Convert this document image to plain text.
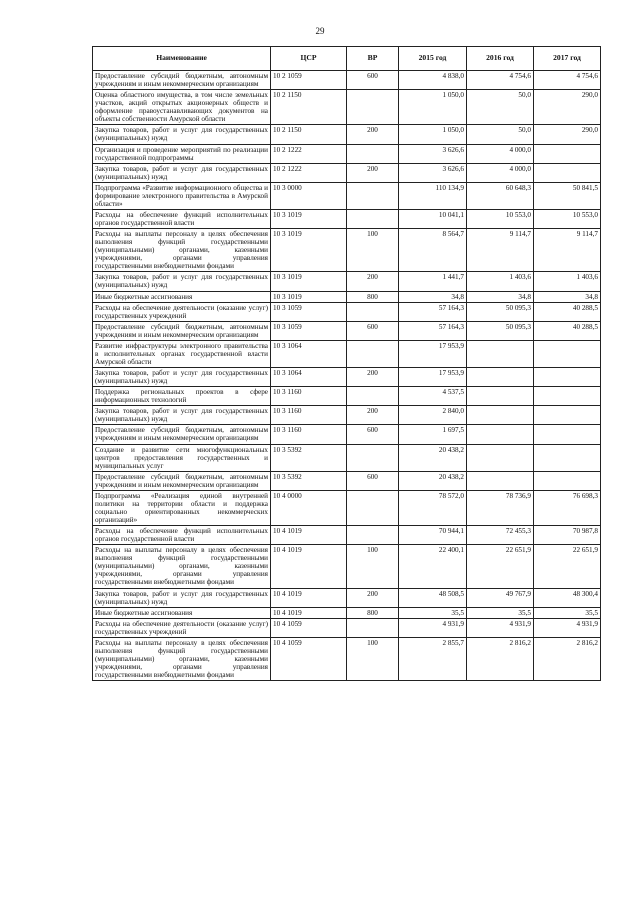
29
Наименование	ЦСР	ВР	2015 год	2016 год	2017 год
Предоставление субсидий бюджетным, автономным учреждениям и иным некоммерческим организациям	10 2 1059	600	4 838,0	4 754,6	4 754,6
Оценка областного имущества, в том числе земельных участков, акций открытых акционерных обществ и оформление правоустанавливающих документов на объекты собственности Амурской области	10 2 1150		1 050,0	50,0	290,0
Закупка товаров, работ и услуг для государственных (муниципальных) нужд	10 2 1150	200	1 050,0	50,0	290,0
Организация и проведение мероприятий по реализации государственной подпрограммы	10 2 1222		3 626,6	4 000,0	
Закупка товаров, работ и услуг для государственных (муниципальных) нужд	10 2 1222	200	3 626,6	4 000,0	
Подпрограмма «Развитие информационного общества и формирование электронного правительства в Амурской области»	10 3 0000		110 134,9	60 648,3	50 841,5
Расходы на обеспечение функций исполнительных органов государственной власти	10 3 1019		10 041,1	10 553,0	10 553,0
Расходы на выплаты персоналу в целях обеспечения выполнения функций государственными (муниципальными) органами, казенными учреждениями, органами управления государственными внебюджетными фондами	10 3 1019	100	8 564,7	9 114,7	9 114,7
Закупка товаров, работ и услуг для государственных (муниципальных) нужд	10 3 1019	200	1 441,7	1 403,6	1 403,6
Иные бюджетные ассигнования	10 3 1019	800	34,8	34,8	34,8
Расходы на обеспечение деятельности (оказание услуг) государственных учреждений	10 3 1059		57 164,3	50 095,3	40 288,5
Предоставление субсидий бюджетным, автономным учреждениям и иным некоммерческим организациям	10 3 1059	600	57 164,3	50 095,3	40 288,5
Развитие инфраструктуры электронного правительства в исполнительных органах государственной власти Амурской области	10 3 1064		17 953,9		
Закупка товаров, работ и услуг для государственных (муниципальных) нужд	10 3 1064	200	17 953,9		
Поддержка региональных проектов в сфере информационных технологий	10 3 1160		4 537,5		
Закупка товаров, работ и услуг для государственных (муниципальных) нужд	10 3 1160	200	2 840,0		
Предоставление субсидий бюджетным, автономным учреждениям и иным некоммерческим организациям	10 3 1160	600	1 697,5		
Создание и развитие сети многофункциональных центров предоставления государственных и муниципальных услуг	10 3 5392		20 438,2		
Предоставление субсидий бюджетным, автономным учреждениям и иным некоммерческим организациям	10 3 5392	600	20 438,2		
Подпрограмма «Реализация единой внутренней политики на территории области и поддержка социально ориентированных некоммерческих организаций»	10 4 0000		78 572,0	78 736,9	76 698,3
Расходы на обеспечение функций исполнительных органов государственной власти	10 4 1019		70 944,1	72 455,3	70 987,8
Расходы на выплаты персоналу в целях обеспечения выполнения функций государственными (муниципальными) органами, казенными учреждениями, органами управления государственными внебюджетными фондами	10 4 1019	100	22 400,1	22 651,9	22 651,9
Закупка товаров, работ и услуг для государственных (муниципальных) нужд	10 4 1019	200	48 508,5	49 767,9	48 300,4
Иные бюджетные ассигнования	10 4 1019	800	35,5	35,5	35,5
Расходы на обеспечение деятельности (оказание услуг) государственных учреждений	10 4 1059		4 931,9	4 931,9	4 931,9
Расходы на выплаты персоналу в целях обеспечения выполнения функций государственными (муниципальными) органами, казенными учреждениями, органами управления государственными внебюджетными фондами	10 4 1059	100	2 855,7	2 816,2	2 816,2
